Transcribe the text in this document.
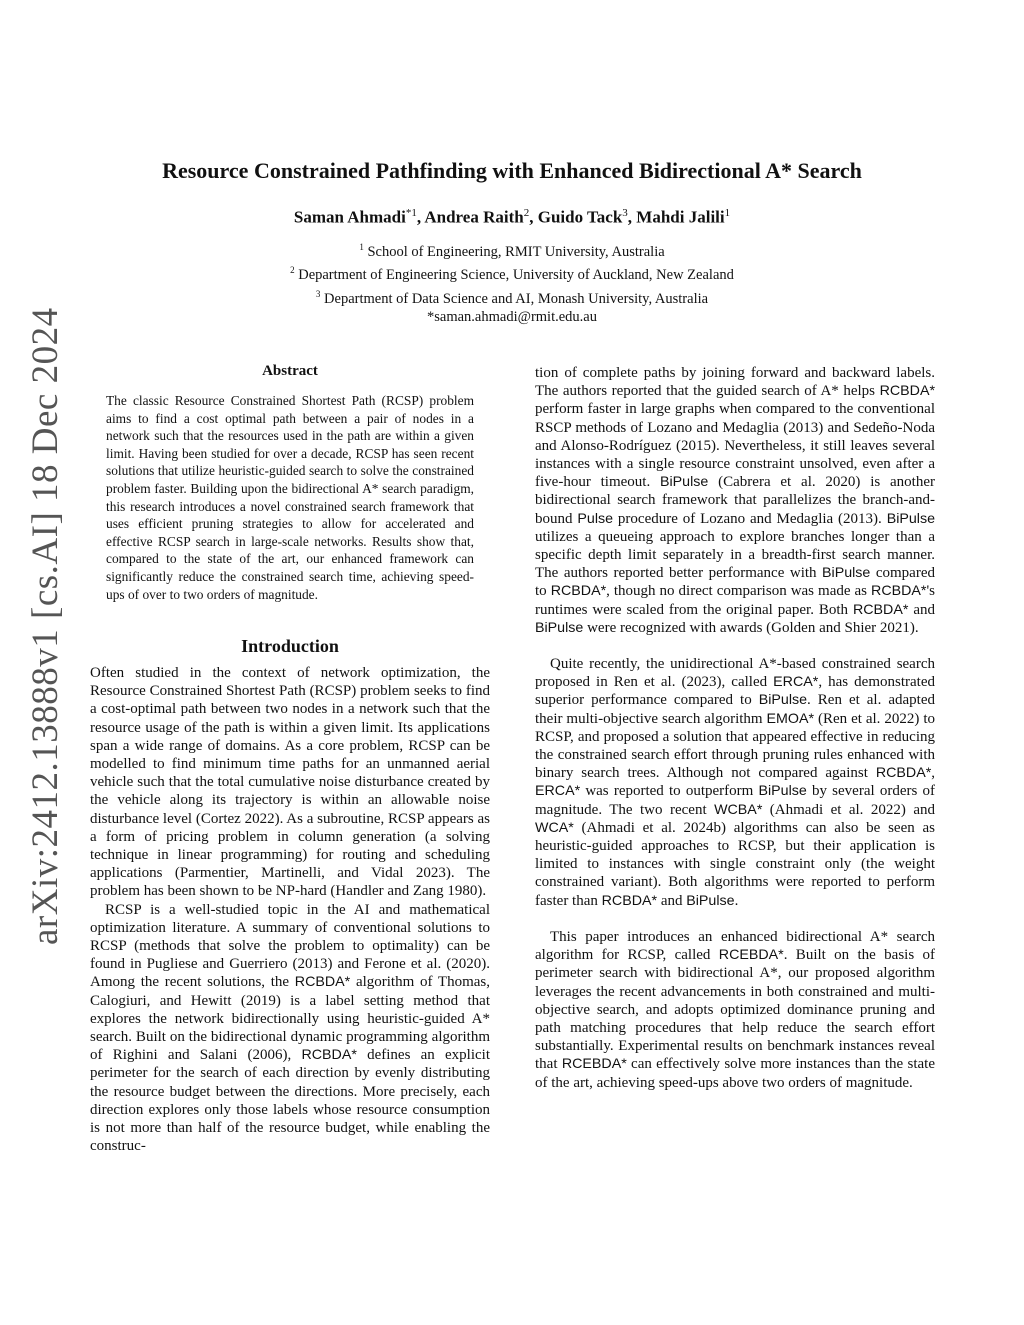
arXiv:2412.13888v1 [cs.AI] 18 Dec 2024
Resource Constrained Pathfinding with Enhanced Bidirectional A* Search
Saman Ahmadi$^{*1}$, Andrea Raith$^2$, Guido Tack$^3$, Mahdi Jalili$^1$
$^1$ School of Engineering, RMIT University, Australia
$^2$ Department of Engineering Science, University of Auckland, New Zealand
$^3$ Department of Data Science and AI, Monash University, Australia
*saman.ahmadi@rmit.edu.au
Abstract

The classic Resource Constrained Shortest Path (RCSP) problem aims to find a cost optimal path between a pair of nodes in a network such that the resources used in the path are within a given limit. Having been studied for over a decade, RCSP has seen recent solutions that utilize heuristic-guided search to solve the constrained problem faster. Building upon the bidirectional A* search paradigm, this research introduces a novel constrained search framework that uses efficient pruning strategies to allow for accelerated and effective RCSP search in large-scale networks. Results show that, compared to the state of the art, our enhanced framework can significantly reduce the constrained search time, achieving speed-ups of over to two orders of magnitude.

Introduction

Often studied in the context of network optimization, the Resource Constrained Shortest Path (RCSP) problem seeks to find a cost-optimal path between two nodes in a network such that the resource usage of the path is within a given limit. Its applications span a wide range of domains. As a core problem, RCSP can be modelled to find minimum time paths for an unmanned aerial vehicle such that the total cumulative noise disturbance created by the vehicle along its trajectory is within an allowable noise disturbance level (Cortez 2022). As a subroutine, RCSP appears as a form of pricing problem in column generation (a solving technique in linear programming) for routing and scheduling applications (Parmentier, Martinelli, and Vidal 2023). The problem has been shown to be NP-hard (Handler and Zang 1980).

RCSP is a well-studied topic in the AI and mathematical optimization literature. A summary of conventional solutions to RCSP (methods that solve the problem to optimality) can be found in Pugliese and Guerriero (2013) and Ferone et al. (2020). Among the recent solutions, the RCBDA* algorithm of Thomas, Calogiuri, and Hewitt (2019) is a label setting method that explores the network bidirectionally using heuristic-guided A* search. Built on the bidirectional dynamic programming algorithm of Righini and Salani (2006), RCBDA* defines an explicit perimeter for the search of each direction by evenly distributing the resource budget between the directions. More precisely, each direction explores only those labels whose resource consumption is not more than half of the resource budget, while enabling the construc-

tion of complete paths by joining forward and backward labels. The authors reported that the guided search of A* helps RCBDA* perform faster in large graphs when compared to the conventional RSCP methods of Lozano and Medaglia (2013) and Sedeño-Noda and Alonso-Rodríguez (2015). Nevertheless, it still leaves several instances with a single resource constraint unsolved, even after a five-hour timeout. BiPulse (Cabrera et al. 2020) is another bidirectional search framework that parallelizes the branch-and-bound Pulse procedure of Lozano and Medaglia (2013). BiPulse utilizes a queueing approach to explore branches longer than a specific depth limit separately in a breadth-first search manner. The authors reported better performance with BiPulse compared to RCBDA*, though no direct comparison was made as RCBDA*'s runtimes were scaled from the original paper. Both RCBDA* and BiPulse were recognized with awards (Golden and Shier 2021).

Quite recently, the unidirectional A*-based constrained search proposed in Ren et al. (2023), called ERCA*, has demonstrated superior performance compared to BiPulse. Ren et al. adapted their multi-objective search algorithm EMOA* (Ren et al. 2022) to RCSP, and proposed a solution that appeared effective in reducing the constrained search effort through pruning rules enhanced with binary search trees. Although not compared against RCBDA*, ERCA* was reported to outperform BiPulse by several orders of magnitude. The two recent WCBA* (Ahmadi et al. 2022) and WCA* (Ahmadi et al. 2024b) algorithms can also be seen as heuristic-guided approaches to RCSP, but their application is limited to instances with single constraint only (the weight constrained variant). Both algorithms were reported to perform faster than RCBDA* and BiPulse.

This paper introduces an enhanced bidirectional A* search algorithm for RCSP, called RCEBDA*. Built on the basis of perimeter search with bidirectional A*, our proposed algorithm leverages the recent advancements in both constrained and multi-objective search, and adopts optimized dominance pruning and path matching procedures that help reduce the search effort substantially. Experimental results on benchmark instances reveal that RCEBDA* can effectively solve more instances than the state of the art, achieving speed-ups above two orders of magnitude.
